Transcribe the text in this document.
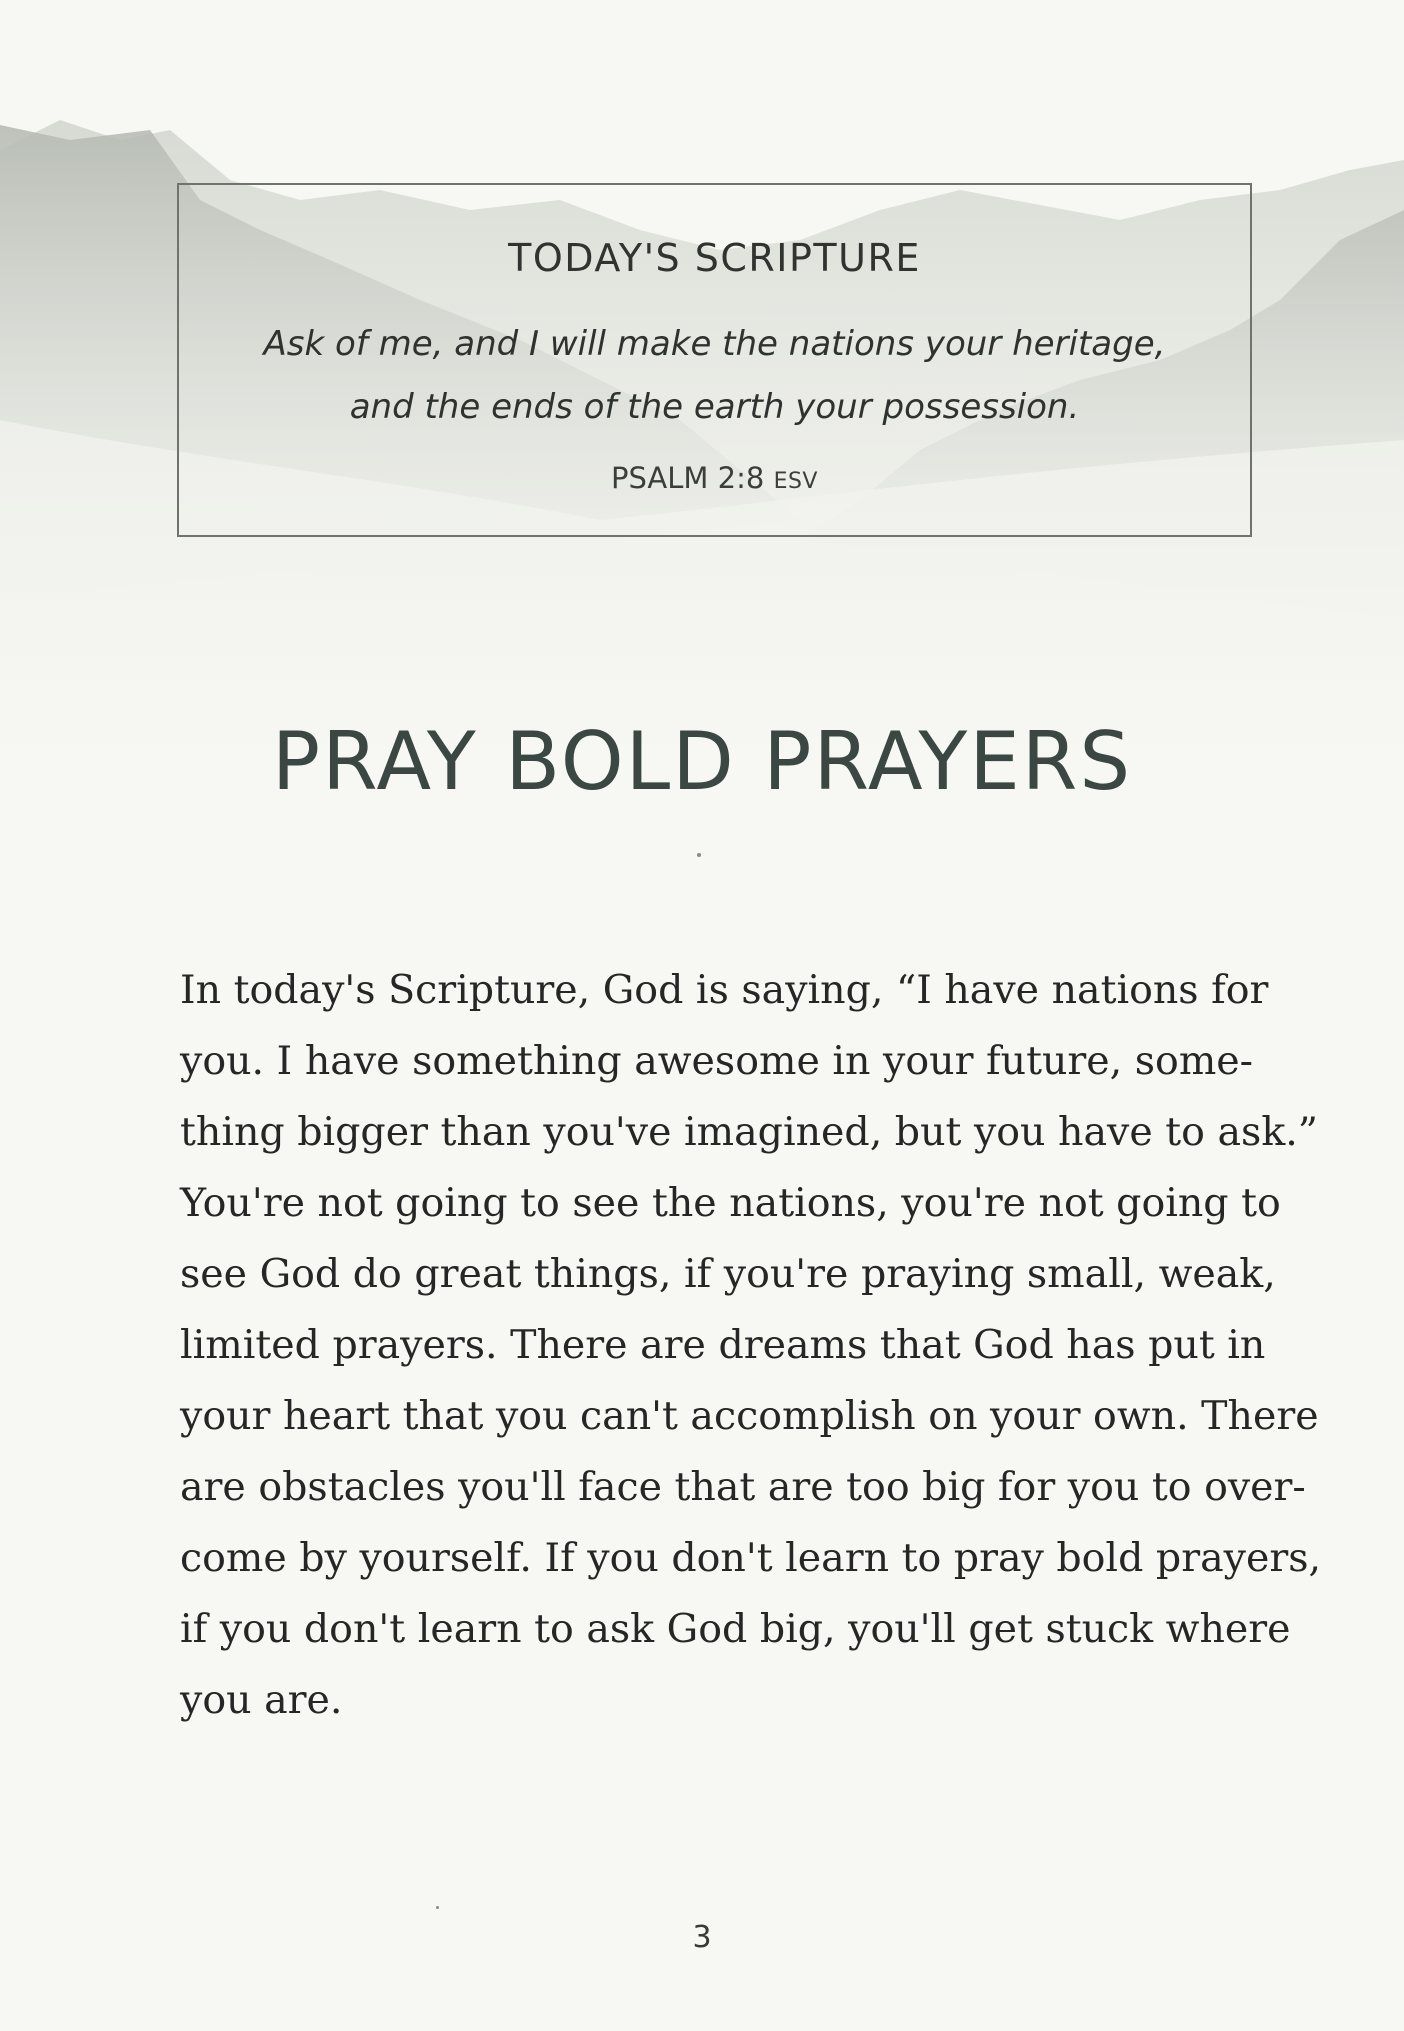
TODAY'S SCRIPTURE
Ask of me, and I will make the nations your heritage,
and the ends of the earth your possession.
PSALM 2:8 ESV
PRAY BOLD PRAYERS
In today's Scripture, God is saying, “I have nations for
you. I have something awesome in your future, some-
thing bigger than you've imagined, but you have to ask.”
You're not going to see the nations, you're not going to
see God do great things, if you're praying small, weak,
limited prayers. There are dreams that God has put in
your heart that you can't accomplish on your own. There
are obstacles you'll face that are too big for you to over-
come by yourself. If you don't learn to pray bold prayers,
if you don't learn to ask God big, you'll get stuck where
you are.
3
